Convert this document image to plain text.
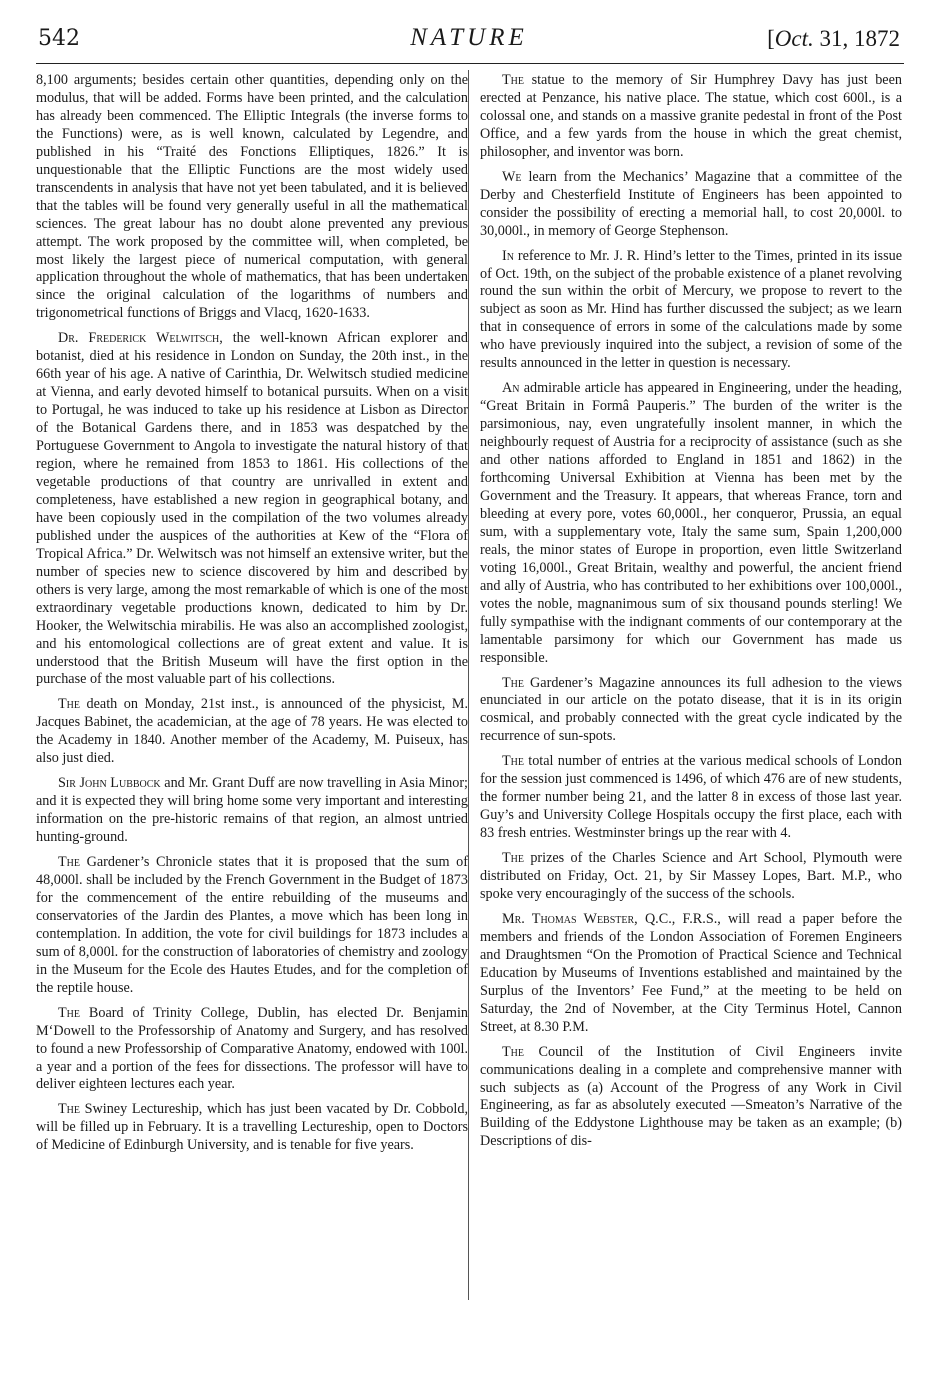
542	NATURE	[Oct. 31, 1872

8,100 arguments; besides certain other quantities, depending only on the modulus, that will be added. Forms have been printed, and the calculation has already been commenced. The Elliptic Integrals (the inverse forms to the Functions) were, as is well known, calculated by Legendre, and published in his “Traité des Fonctions Elliptiques, 1826.” It is unquestionable that the Elliptic Functions are the most widely used transcendents in analysis that have not yet been tabulated, and it is believed that the tables will be found very generally useful in all the mathematical sciences. The great labour has no doubt alone prevented any previous attempt. The work proposed by the committee will, when completed, be most likely the largest piece of numerical computation, with general application throughout the whole of mathematics, that has been undertaken since the original calculation of the logarithms of numbers and trigonometrical functions of Briggs and Vlacq, 1620-1633.

Dr. Frederick Welwitsch, the well-known African explorer and botanist, died at his residence in London on Sunday, the 20th inst., in the 66th year of his age. A native of Carinthia, Dr. Welwitsch studied medicine at Vienna, and early devoted himself to botanical pursuits. When on a visit to Portugal, he was induced to take up his residence at Lisbon as Director of the Botanical Gardens there, and in 1853 was despatched by the Portuguese Government to Angola to investigate the natural history of that region, where he remained from 1853 to 1861. His collections of the vegetable productions of that country are unrivalled in extent and completeness, have established a new region in geographical botany, and have been copiously used in the compilation of the two volumes already published under the auspices of the authorities at Kew of the “Flora of Tropical Africa.” Dr. Welwitsch was not himself an extensive writer, but the number of species new to science discovered by him and described by others is very large, among the most remarkable of which is one of the most extraordinary vegetable productions known, dedicated to him by Dr. Hooker, the Welwitschia mirabilis. He was also an accomplished zoologist, and his entomological collections are of great extent and value. It is understood that the British Museum will have the first option in the purchase of the most valuable part of his collections.

The death on Monday, 21st inst., is announced of the physicist, M. Jacques Babinet, the academician, at the age of 78 years. He was elected to the Academy in 1840. Another member of the Academy, M. Puiseux, has also just died.

Sir John Lubbock and Mr. Grant Duff are now travelling in Asia Minor; and it is expected they will bring home some very important and interesting information on the pre-historic remains of that region, an almost untried hunting-ground.

The Gardener’s Chronicle states that it is proposed that the sum of 48,000l. shall be included by the French Government in the Budget of 1873 for the commencement of the entire rebuilding of the museums and conservatories of the Jardin des Plantes, a move which has been long in contemplation. In addition, the vote for civil buildings for 1873 includes a sum of 8,000l. for the construction of laboratories of chemistry and zoology in the Museum for the Ecole des Hautes Etudes, and for the completion of the reptile house.

The Board of Trinity College, Dublin, has elected Dr. Benjamin M‘Dowell to the Professorship of Anatomy and Surgery, and has resolved to found a new Professorship of Comparative Anatomy, endowed with 100l. a year and a portion of the fees for dissections. The professor will have to deliver eighteen lectures each year.

The Swiney Lectureship, which has just been vacated by Dr. Cobbold, will be filled up in February. It is a travelling Lectureship, open to Doctors of Medicine of Edinburgh University, and is tenable for five years.

The statue to the memory of Sir Humphrey Davy has just been erected at Penzance, his native place. The statue, which cost 600l., is a colossal one, and stands on a massive granite pedestal in front of the Post Office, and a few yards from the house in which the great chemist, philosopher, and inventor was born.

We learn from the Mechanics’ Magazine that a committee of the Derby and Chesterfield Institute of Engineers has been appointed to consider the possibility of erecting a memorial hall, to cost 20,000l. to 30,000l., in memory of George Stephenson.

In reference to Mr. J. R. Hind’s letter to the Times, printed in its issue of Oct. 19th, on the subject of the probable existence of a planet revolving round the sun within the orbit of Mercury, we propose to revert to the subject as soon as Mr. Hind has further discussed the subject; as we learn that in consequence of errors in some of the calculations made by some who have previously inquired into the subject, a revision of some of the results announced in the letter in question is necessary.

An admirable article has appeared in Engineering, under the heading, “Great Britain in Formâ Pauperis.” The burden of the writer is the parsimonious, nay, even ungratefully insolent manner, in which the neighbourly request of Austria for a reciprocity of assistance (such as she and other nations afforded to England in 1851 and 1862) in the forthcoming Universal Exhibition at Vienna has been met by the Government and the Treasury. It appears, that whereas France, torn and bleeding at every pore, votes 60,000l., her conqueror, Prussia, an equal sum, with a supplementary vote, Italy the same sum, Spain 1,200,000 reals, the minor states of Europe in proportion, even little Switzerland voting 16,000l., Great Britain, wealthy and powerful, the ancient friend and ally of Austria, who has contributed to her exhibitions over 100,000l., votes the noble, magnanimous sum of six thousand pounds sterling! We fully sympathise with the indignant comments of our contemporary at the lamentable parsimony for which our Government has made us responsible.

The Gardener’s Magazine announces its full adhesion to the views enunciated in our article on the potato disease, that it is in its origin cosmical, and probably connected with the great cycle indicated by the recurrence of sun-spots.

The total number of entries at the various medical schools of London for the session just commenced is 1496, of which 476 are of new students, the former number being 21, and the latter 8 in excess of those last year. Guy’s and University College Hospitals occupy the first place, each with 83 fresh entries. Westminster brings up the rear with 4.

The prizes of the Charles Science and Art School, Plymouth were distributed on Friday, Oct. 21, by Sir Massey Lopes, Bart. M.P., who spoke very encouragingly of the success of the schools.

Mr. Thomas Webster, Q.C., F.R.S., will read a paper before the members and friends of the London Association of Foremen Engineers and Draughtsmen “On the Promotion of Practical Science and Technical Education by Museums of Inventions established and maintained by the Surplus of the Inventors’ Fee Fund,” at the meeting to be held on Saturday, the 2nd of November, at the City Terminus Hotel, Cannon Street, at 8.30 P.M.

The Council of the Institution of Civil Engineers invite communications dealing in a complete and comprehensive manner with such subjects as (a) Account of the Progress of any Work in Civil Engineering, as far as absolutely executed —Smeaton’s Narrative of the Building of the Eddystone Lighthouse may be taken as an example; (b) Descriptions of dis-
